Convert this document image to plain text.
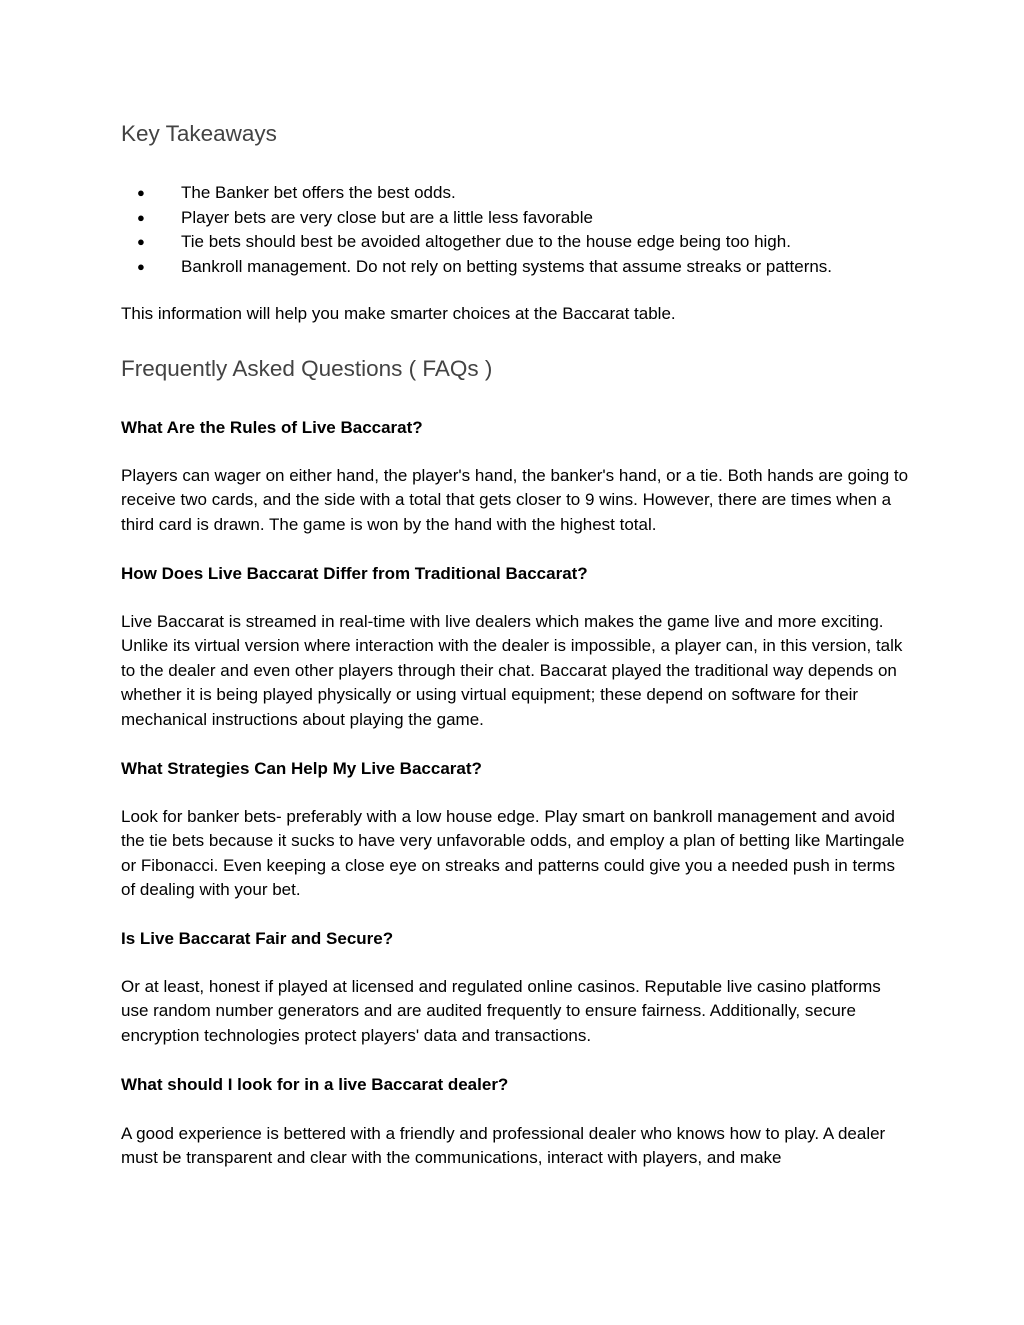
Key Takeaways
● The Banker bet offers the best odds.
● Player bets are very close but are a little less favorable
● Tie bets should best be avoided altogether due to the house edge being too high.
● Bankroll management. Do not rely on betting systems that assume streaks or patterns.

This information will help you make smarter choices at the Baccarat table.

Frequently Asked Questions ( FAQs )

What Are the Rules of Live Baccarat?

Players can wager on either hand, the player's hand, the banker's hand, or a tie. Both hands are going to receive two cards, and the side with a total that gets closer to 9 wins. However, there are times when a third card is drawn. The game is won by the hand with the highest total.

How Does Live Baccarat Differ from Traditional Baccarat?

Live Baccarat is streamed in real-time with live dealers which makes the game live and more exciting. Unlike its virtual version where interaction with the dealer is impossible, a player can, in this version, talk to the dealer and even other players through their chat. Baccarat played the traditional way depends on whether it is being played physically or using virtual equipment; these depend on software for their mechanical instructions about playing the game.

What Strategies Can Help My Live Baccarat?

Look for banker bets- preferably with a low house edge. Play smart on bankroll management and avoid the tie bets because it sucks to have very unfavorable odds, and employ a plan of betting like Martingale or Fibonacci. Even keeping a close eye on streaks and patterns could give you a needed push in terms of dealing with your bet.

Is Live Baccarat Fair and Secure?

Or at least, honest if played at licensed and regulated online casinos. Reputable live casino platforms use random number generators and are audited frequently to ensure fairness. Additionally, secure encryption technologies protect players' data and transactions.

What should I look for in a live Baccarat dealer?

A good experience is bettered with a friendly and professional dealer who knows how to play. A dealer must be transparent and clear with the communications, interact with players, and make
